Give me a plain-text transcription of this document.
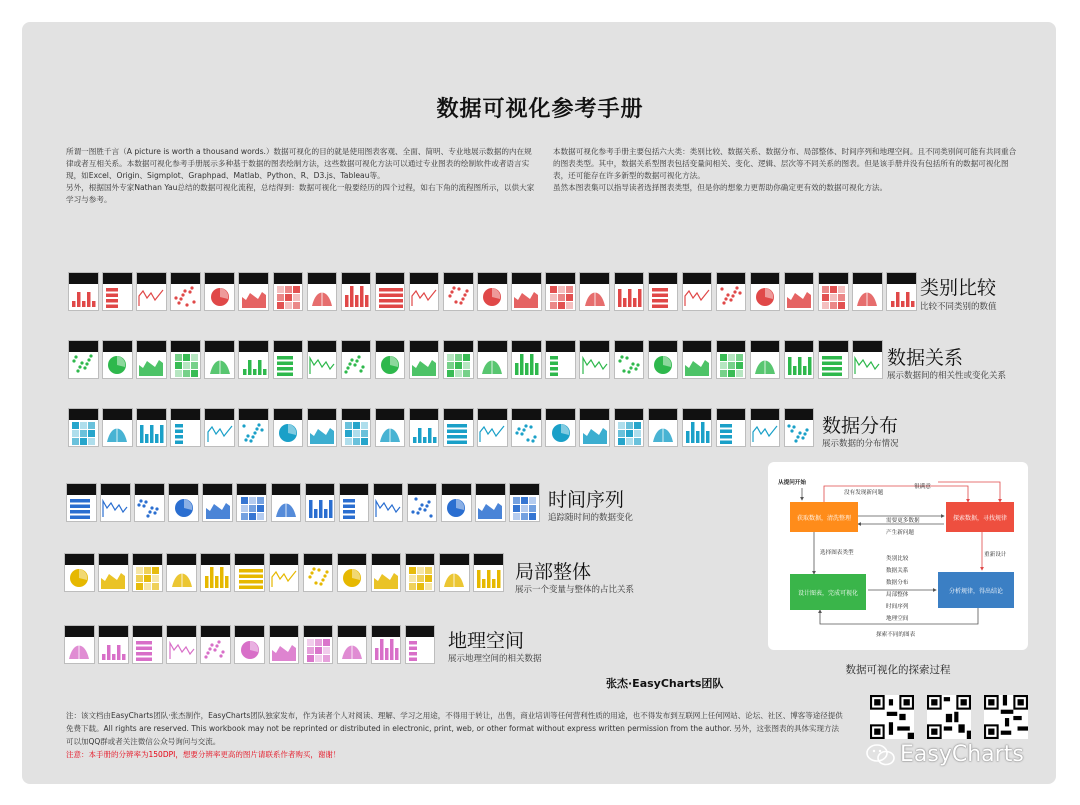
数据可视化参考手册

所谓一图胜千言（A picture is worth a thousand words.）数据可视化的目的就是使用图表客观、全面、简明、专业地展示数据的内在规律或者互相关系。本数据可视化参考手册展示多种基于数据的图表绘制方法，这些数据可视化方法可以通过专业图表的绘制软件或者语言实现，如Excel、Origin、Sigmplot、Graphpad、Matlab、Python、R、D3.js、Tableau等。

另外，根据国外专家Nathan Yau总结的数据可视化流程，总结得到：数据可视化一般要经历的四个过程，如右下角的流程图所示，以供大家学习与参考。

本数据可视化参考手册主要包括六大类：类别比较、数据关系、数据分布、局部整体、时间序列和地理空间。且不同类别间可能有共同重合的图表类型。其中，数据关系型图表包括变量间相关、变化、逻辑、层次等不同关系的图表。但是该手册并没有包括所有的数据可视化图表，还可能存在许多新型的数据可视化方法。

虽然本图表集可以指导读者选择图表类型，但是你的想象力更帮助你确定更有效的数据可视化方法。

类别比较
比较不同类别的数值
数据关系
展示数据间的相关性或变化关系
数据分布
展示数据的分布情况
时间序列
追踪随时间的数据变化
局部整体
展示一个变量与整体的占比关系
地理空间
展示地理空间的相关数据
从提问开始
获取数据，清洗整理	探索数据，寻找规律
设计图表，完成可视化	分析规律，得出结论
没有发现新问题
很满意
需要更多数据
产生新问题
选择图表类型	重新设计
类别比较
数据关系
数据分布
局部整体
时间序列
地理空间
探索不同的图表
数据可视化的探索过程
张杰·EasyCharts团队
注：该文档由EasyCharts团队·张杰制作，EasyCharts团队独家发布，作为读者个人对阅读、理解、学习之用途，不得用于转让，出售，商业培训等任何营利性质的用途，也不得发布到互联网上任何网站、论坛、社区、博客等途径提供免费下载。All rights are reserved. This workbook may not be reprinted or distributed in electronic, print, web, or other format without express written permission from the author. 另外，这张图表的具体实现方法可以加QQ群或者关注微信公众号询问与交流。
注意：本手册的分辨率为150DPI，想要分辨率更高的图片请联系作者购买，谢谢！	EasyCharts
